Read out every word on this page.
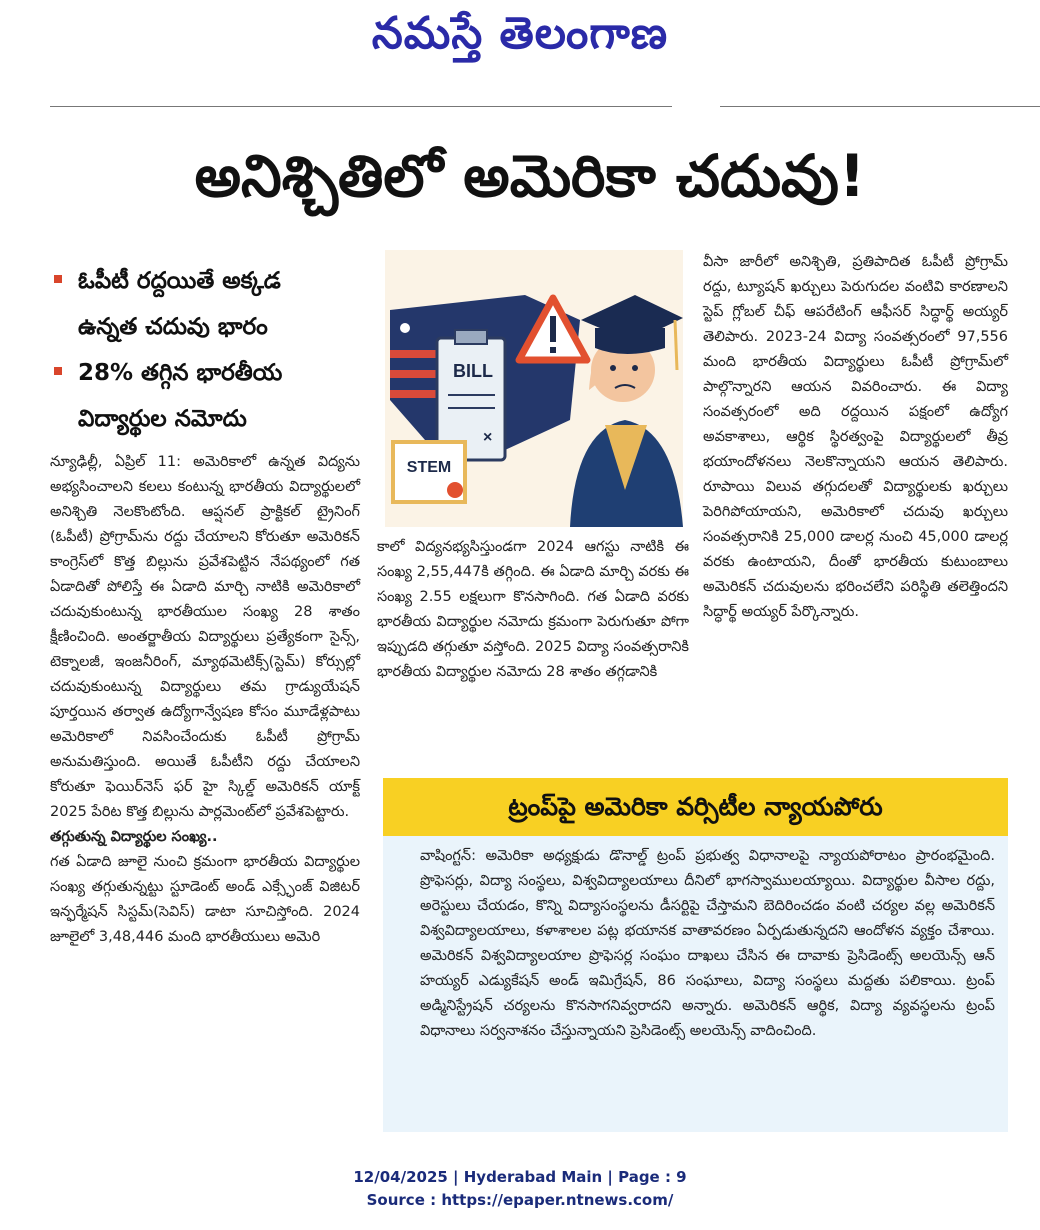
నమస్తే తెలంగాణ
అనిశ్చితిలో అమెరికా చదువు!
ఓపీటీ రద్దయితే అక్కడ
ఉన్నత చదువు భారం
28% తగ్గిన భారతీయ
విద్యార్థుల నమోదు

న్యూఢిల్లీ, ఏప్రిల్ 11: అమెరికాలో ఉన్నత విద్యను అభ్యసించాలని కలలు కంటున్న భారతీయ విద్యార్థులలో అనిశ్చితి నెలకొంటోంది. ఆప్షనల్ ప్రాక్టికల్ ట్రైనింగ్ (ఓపీటీ) ప్రోగ్రామ్‌ను రద్దు చేయాలని కోరుతూ అమెరికన్ కాంగ్రెస్‌లో కొత్త బిల్లును ప్రవేశపెట్టిన నేపథ్యంలో గత ఏడాదితో పోలిస్తే ఈ ఏడాది మార్చి నాటికి అమెరికాలో చదువుకుంటున్న భారతీయుల సంఖ్య 28 శాతం క్షీణించింది. అంతర్జాతీయ విద్యార్థులు ప్రత్యేకంగా సైన్స్, టెక్నాలజీ, ఇంజనీరింగ్, మ్యాథమెటిక్స్(స్టెమ్) కోర్సుల్లో చదువుకుంటున్న విద్యార్థులు తమ గ్రాడ్యుయేషన్ పూర్తయిన తర్వాత ఉద్యోగాన్వేషణ కోసం మూడేళ్లపాటు అమెరికాలో నివసించేందుకు ఓపీటీ ప్రోగ్రామ్ అనుమతిస్తుంది. అయితే ఓపీటీని రద్దు చేయాలని కోరుతూ ఫెయిర్‌నెస్ ఫర్ హై స్కిల్డ్ అమెరికన్ యాక్ట్ 2025 పేరిట కొత్త బిల్లును పార్లమెంట్‌లో ప్రవేశపెట్టారు.

తగ్గుతున్న విద్యార్థుల సంఖ్య..

గత ఏడాది జూలై నుంచి క్రమంగా భారతీయ విద్యార్థుల సంఖ్య తగ్గుతున్నట్టు స్టూడెంట్ అండ్ ఎక్స్ఛేంజ్ విజిటర్ ఇన్ఫర్మేషన్ సిస్టమ్(సెవిస్) డాటా సూచిస్తోంది. 2024 జూలైలో 3,48,446 మంది భారతీయులు అమెరి

BILL
×
STEM

కాలో విద్యనభ్యసిస్తుండగా 2024 ఆగస్టు నాటికి ఈ సంఖ్య 2,55,447కి తగ్గింది. ఈ ఏడాది మార్చి వరకు ఈ సంఖ్య 2.55 లక్షలుగా కొనసాగింది. గత ఏడాది వరకు భారతీయ విద్యార్థుల నమోదు క్రమంగా పెరుగుతూ పోగా ఇప్పుడది తగ్గుతూ వస్తోంది. 2025 విద్యా సంవత్సరానికి భారతీయ విద్యార్థుల నమోదు 28 శాతం తగ్గడానికి

వీసా జారీలో అనిశ్చితి, ప్రతిపాదిత ఓపీటీ ప్రోగ్రామ్ రద్దు, ట్యూషన్ ఖర్చులు పెరుగుదల వంటివి కారణాలని స్టెప్ గ్లోబల్ చీఫ్ ఆపరేటింగ్ ఆఫీసర్ సిద్ధార్థ్ అయ్యర్ తెలిపారు. 2023-24 విద్యా సంవత్సరంలో 97,556 మంది భారతీయ విద్యార్థులు ఓపీటీ ప్రోగ్రామ్‌లో పాల్గొన్నారని ఆయన వివరించారు. ఈ విద్యా సంవత్సరంలో అది రద్దయిన పక్షంలో ఉద్యోగ అవకాశాలు, ఆర్థిక స్థిరత్వంపై విద్యార్థులలో తీవ్ర భయాందోళనలు నెలకొన్నాయని ఆయన తెలిపారు. రూపాయి విలువ తగ్గుదలతో విద్యార్థులకు ఖర్చులు పెరిగిపోయాయని, అమెరికాలో చదువు ఖర్చులు సంవత్సరానికి 25,000 డాలర్ల నుంచి 45,000 డాలర్ల వరకు ఉంటాయని, దీంతో భారతీయ కుటుంబాలు అమెరికన్ చదువులను భరించలేని పరిస్థితి తలెత్తిందని సిద్ధార్థ్ అయ్యర్ పేర్కొన్నారు.

ట్రంప్‌పై అమెరికా వర్సిటీల న్యాయపోరు

వాషింగ్టన్: అమెరికా అధ్యక్షుడు డొనాల్డ్ ట్రంప్ ప్రభుత్వ విధానాలపై న్యాయపోరాటం ప్రారంభమైంది. ప్రొఫెసర్లు, విద్యా సంస్థలు, విశ్వవిద్యాలయాలు దీనిలో భాగస్వాములయ్యాయి. విద్యార్థుల వీసాల రద్దు, అరెస్టులు చేయడం, కొన్ని విద్యాసంస్థలను డీసర్టిపై చేస్తామని బెదిరించడం వంటి చర్యల వల్ల అమెరికన్ విశ్వవిద్యాలయాలు, కళాశాలల పట్ల భయానక వాతావరణం ఏర్పడుతున్నదని ఆందోళన వ్యక్తం చేశాయి. అమెరికన్ విశ్వవిద్యాలయాల ప్రొఫెసర్ల సంఘం దాఖలు చేసిన ఈ దావాకు ప్రెసిడెంట్స్ అలయెన్స్ ఆన్ హయ్యర్ ఎడ్యుకేషన్ అండ్ ఇమిగ్రేషన్, 86 సంఘాలు, విద్యా సంస్థలు మద్దతు పలికాయి. ట్రంప్ అడ్మినిస్ట్రేషన్ చర్యలను కొనసాగనివ్వరాదని అన్నారు. అమెరికన్ ఆర్థిక, విద్యా వ్యవస్థలను ట్రంప్ విధానాలు సర్వనాశనం చేస్తున్నాయని ప్రెసిడెంట్స్ అలయెన్స్ వాదించింది.

12/04/2025 | Hyderabad Main | Page : 9
Source : https://epaper.ntnews.com/
